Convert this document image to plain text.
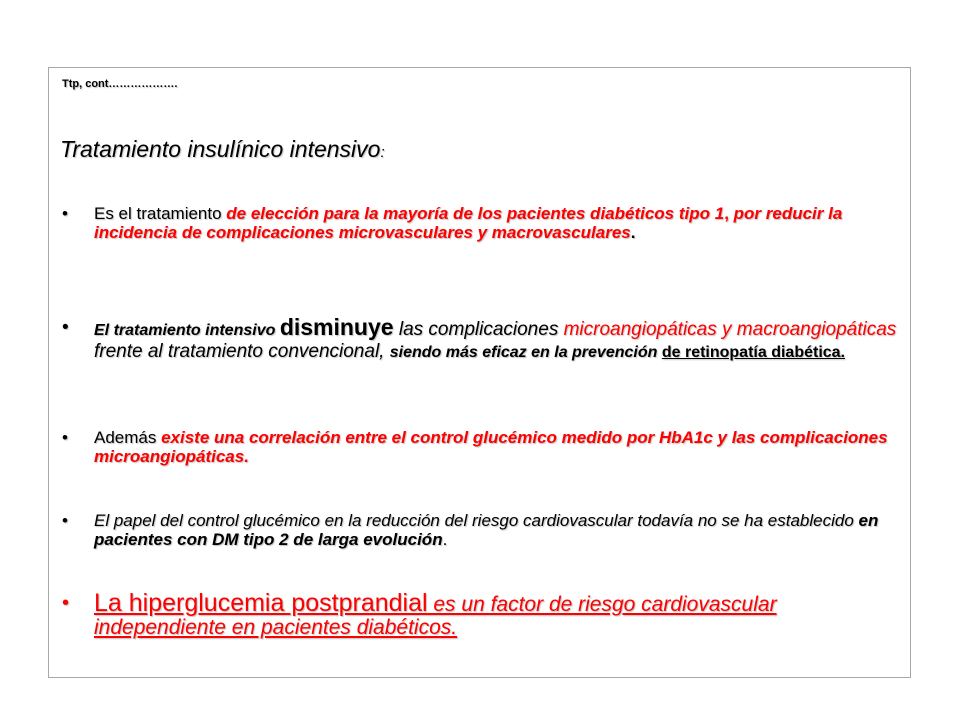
Ttp, cont……………….
Tratamiento insulínico intensivo:
• Es el tratamiento de elección para la mayoría de los pacientes diabéticos tipo 1, por reducir la incidencia de complicaciones microvasculares y macrovasculares.
• El tratamiento intensivo disminuye las complicaciones microangiopáticas y macroangiopáticas frente al tratamiento convencional, siendo más eficaz en la prevención de retinopatía diabética.
• Además existe una correlación entre el control glucémico medido por HbA1c y las complicaciones microangiopáticas.
• El papel del control glucémico en la reducción del riesgo cardiovascular todavía no se ha establecido en pacientes con DM tipo 2 de larga evolución.
• La hiperglucemia postprandial es un factor de riesgo cardiovascular independiente en pacientes diabéticos.
